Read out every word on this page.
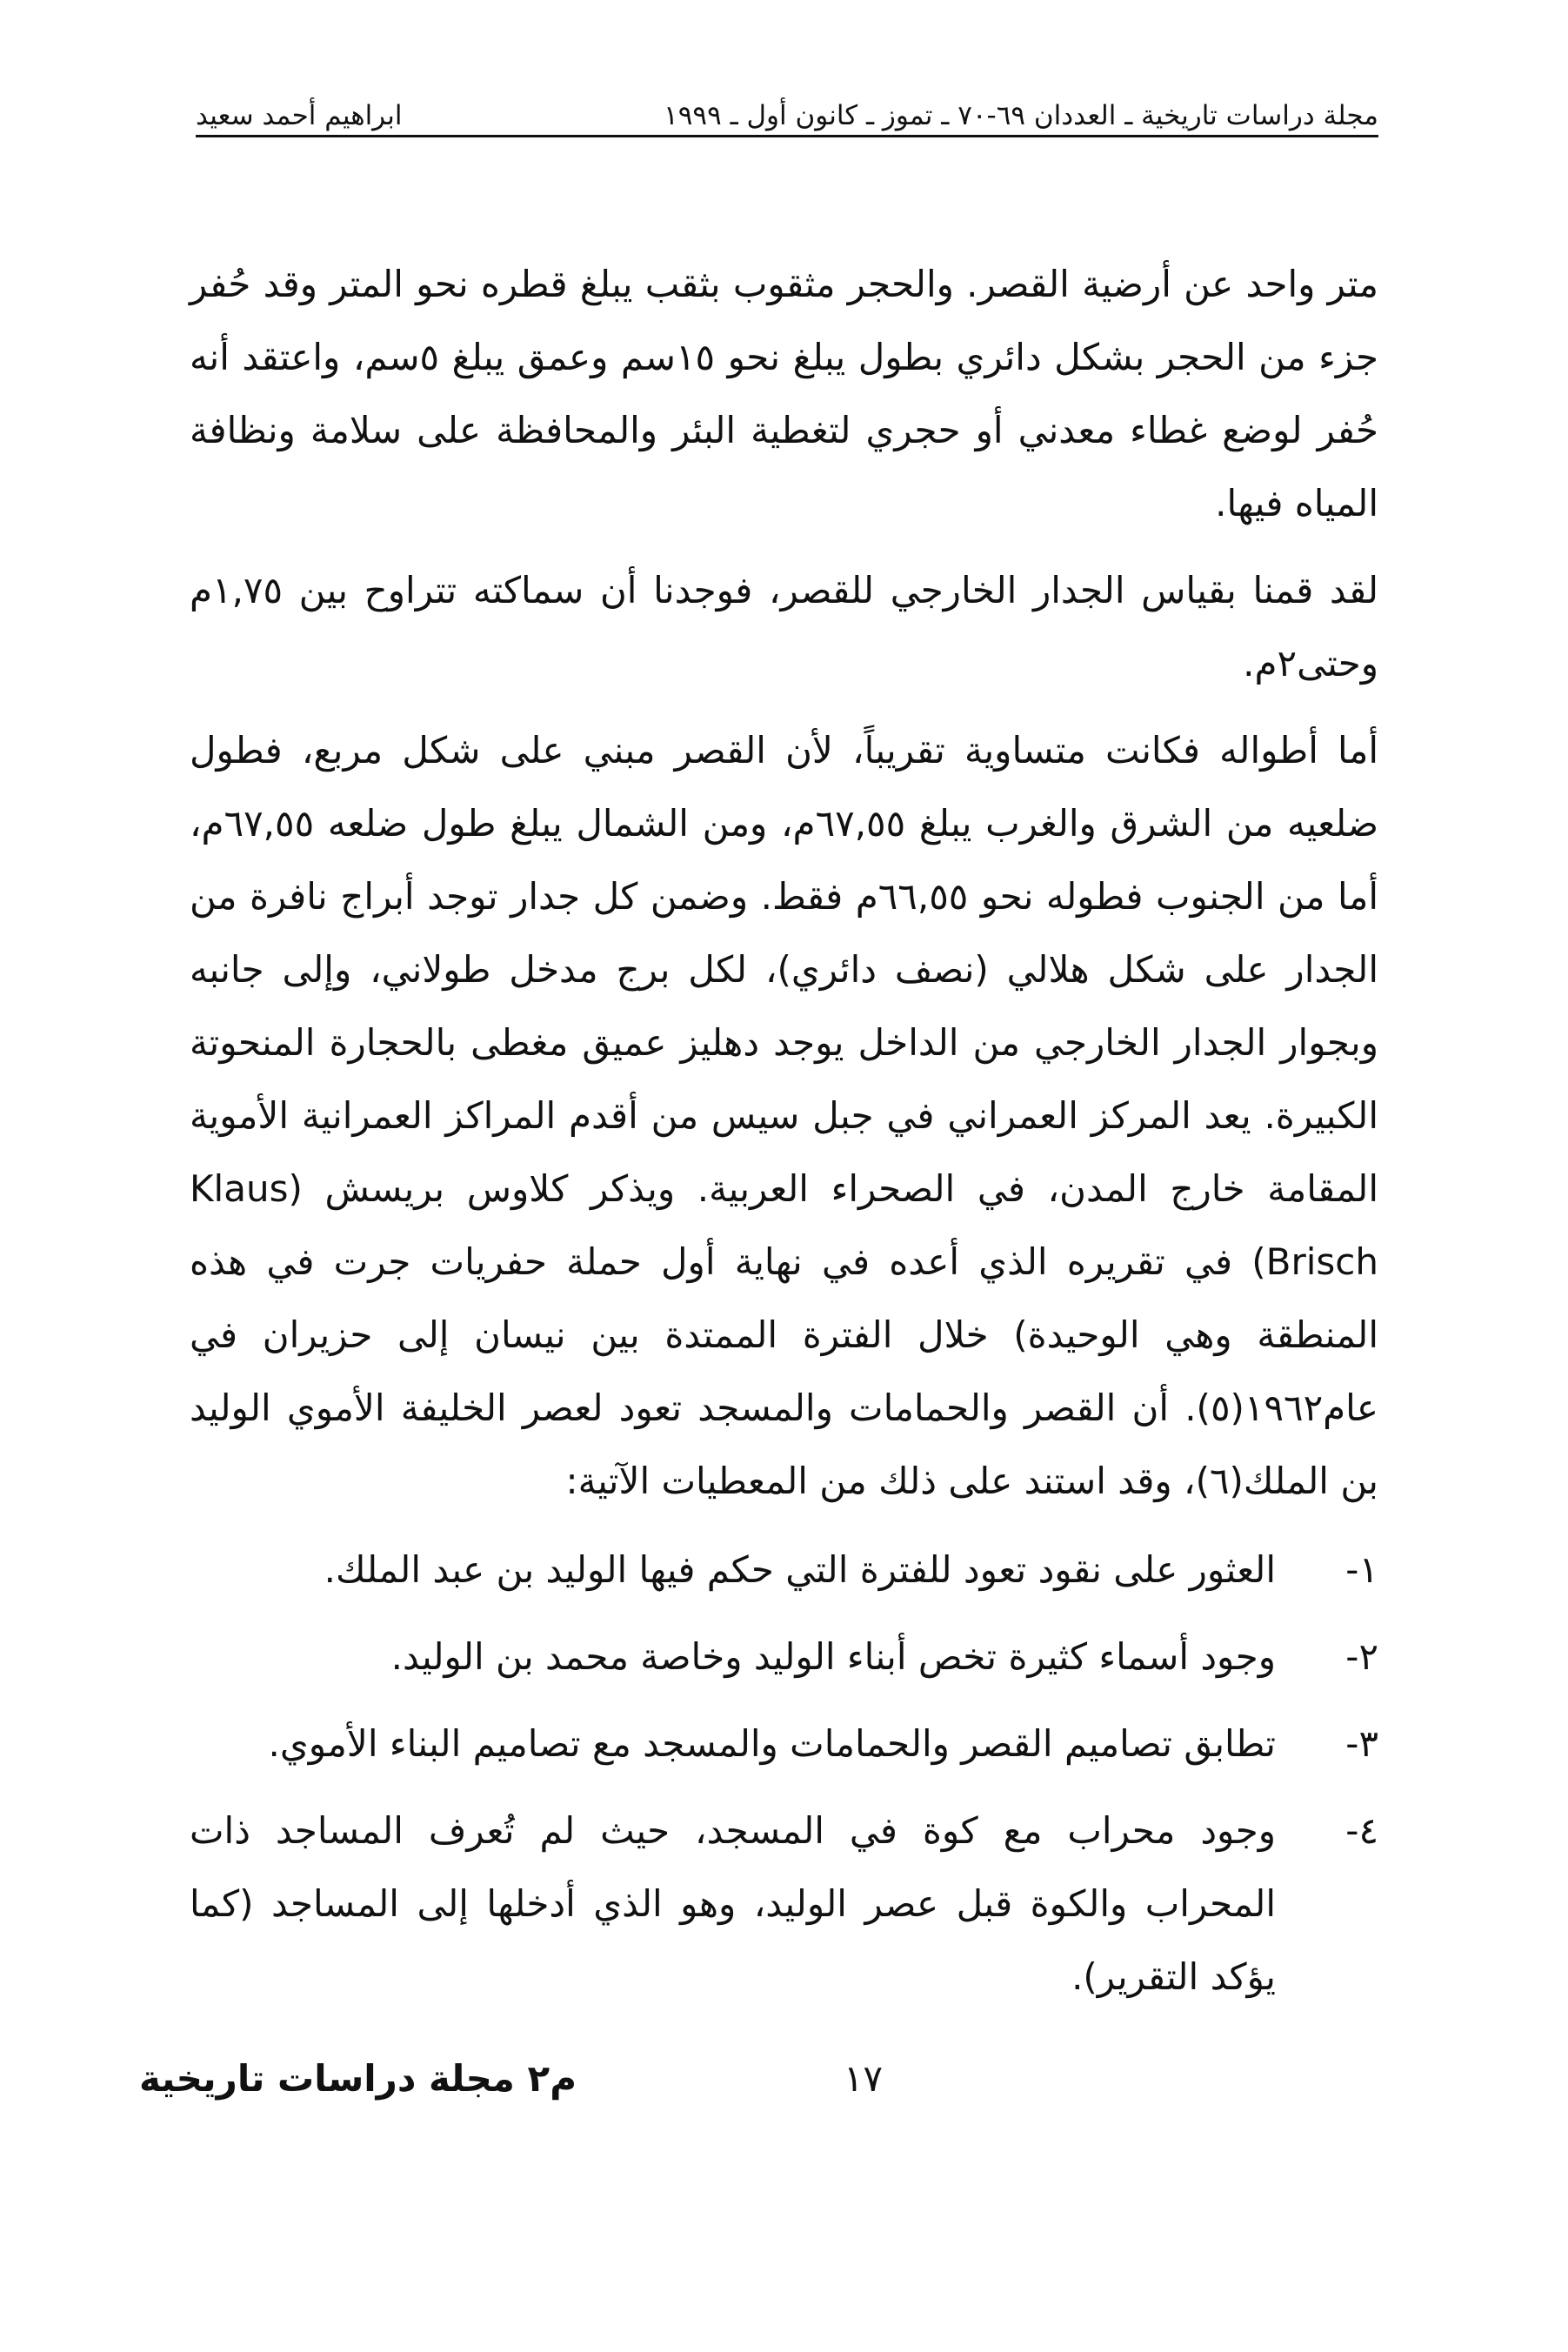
مجلة دراسات تاريخية ـ العددان ٦٩-٧٠ ـ تموز ـ كانون أول ـ ١٩٩٩
ابراهيم أحمد سعيد

متر واحد عن أرضية القصر. والحجر مثقوب بثقب يبلغ قطره نحو المتر وقد حُفر جزء من الحجر بشكل دائري بطول يبلغ نحو ١٥سم وعمق يبلغ ٥سم، واعتقد أنه حُفر لوضع غطاء معدني أو حجري لتغطية البئر والمحافظة على سلامة ونظافة المياه فيها.

لقد قمنا بقياس الجدار الخارجي للقصر، فوجدنا أن سماكته تتراوح بين ١,٧٥م وحتى٢م.

أما أطواله فكانت متساوية تقريباً، لأن القصر مبني على شكل مربع، فطول ضلعيه من الشرق والغرب يبلغ ٦٧,٥٥م، ومن الشمال يبلغ طول ضلعه ٦٧,٥٥م، أما من الجنوب فطوله نحو ٦٦,٥٥م فقط. وضمن كل جدار توجد أبراج نافرة من الجدار على شكل هلالي (نصف دائري)، لكل برج مدخل طولاني، وإلى جانبه وبجوار الجدار الخارجي من الداخل يوجد دهليز عميق مغطى بالحجارة المنحوتة الكبيرة. يعد المركز العمراني في جبل سيس من أقدم المراكز العمرانية الأموية المقامة خارج المدن، في الصحراء العربية. ويذكر كلاوس بريسش (Klaus Brisch) في تقريره الذي أعده في نهاية أول حملة حفريات جرت في هذه المنطقة وهي الوحيدة) خلال الفترة الممتدة بين نيسان إلى حزيران في عام١٩٦٢(٥). أن القصر والحمامات والمسجد تعود لعصر الخليفة الأموي الوليد بن الملك(٦)، وقد استند على ذلك من المعطيات الآتية:

١-
العثور على نقود تعود للفترة التي حكم فيها الوليد بن عبد الملك.
٢-
وجود أسماء كثيرة تخص أبناء الوليد وخاصة محمد بن الوليد.
٣-
تطابق تصاميم القصر والحمامات والمسجد مع تصاميم البناء الأموي.
٤-
وجود محراب مع كوة في المسجد، حيث لم تُعرف المساجد ذات المحراب والكوة قبل عصر الوليد، وهو الذي أدخلها إلى المساجد (كما يؤكد التقرير).
م٢ مجلة دراسات تاريخية	١٧
